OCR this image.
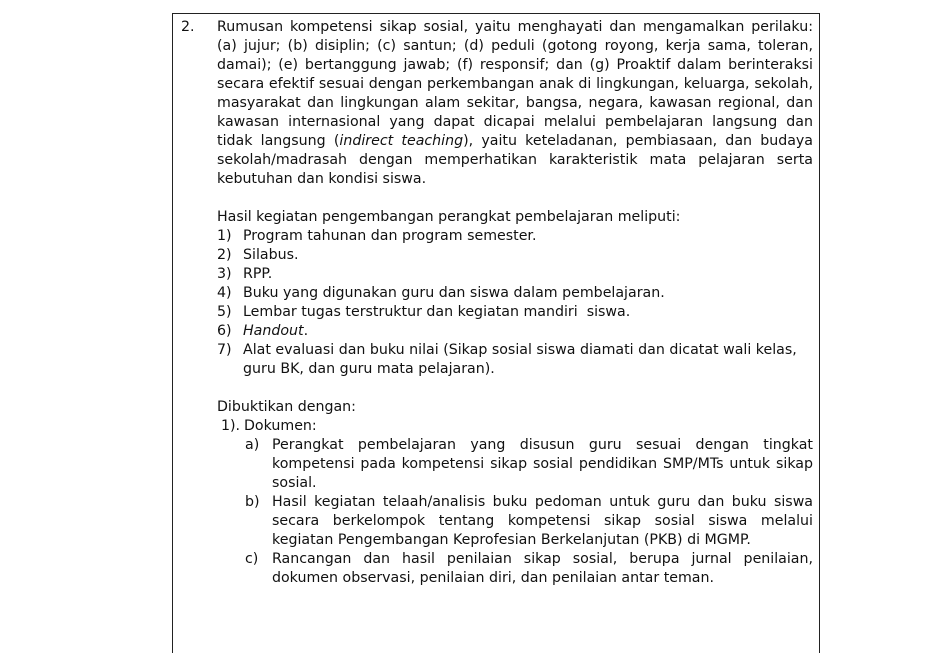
2. Rumusan kompetensi sikap sosial, yaitu menghayati dan mengamalkan perilaku: (a) jujur; (b) disiplin; (c) santun; (d) peduli (gotong royong, kerja sama, toleran, damai); (e) bertanggung jawab; (f) responsif; dan (g) Proaktif dalam berinteraksi secara efektif sesuai dengan perkembangan anak di lingkungan, keluarga, sekolah, masyarakat dan lingkungan alam sekitar, bangsa, negara, kawasan regional, dan kawasan internasional yang dapat dicapai melalui pembelajaran langsung dan tidak langsung (indirect teaching), yaitu keteladanan, pembiasaan, dan budaya sekolah/madrasah dengan memperhatikan karakteristik mata pelajaran serta kebutuhan dan kondisi siswa.
Hasil kegiatan pengembangan perangkat pembelajaran meliputi:
1) Program tahunan dan program semester.
2) Silabus.
3) RPP.
4) Buku yang digunakan guru dan siswa dalam pembelajaran.
5) Lembar tugas terstruktur dan kegiatan mandiri  siswa.
6) Handout.
7) Alat evaluasi dan buku nilai (Sikap sosial siswa diamati dan dicatat wali kelas, guru BK, dan guru mata pelajaran).
Dibuktikan dengan:
1). Dokumen:
a) Perangkat pembelajaran yang disusun guru sesuai dengan tingkat kompetensi pada kompetensi sikap sosial pendidikan SMP/MTs untuk sikap sosial.
b) Hasil kegiatan telaah/analisis buku pedoman untuk guru dan buku siswa secara berkelompok tentang kompetensi sikap sosial siswa melalui kegiatan Pengembangan Keprofesian Berkelanjutan (PKB) di MGMP.
c) Rancangan dan hasil penilaian sikap sosial, berupa jurnal penilaian, dokumen observasi, penilaian diri, dan penilaian antar teman.
